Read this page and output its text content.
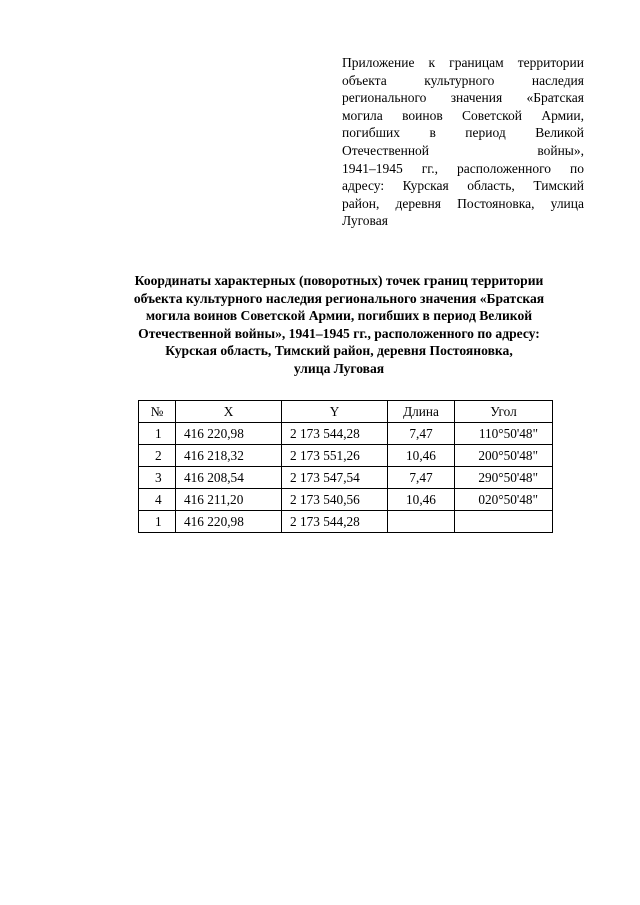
Приложение к границам территории
объекта культурного наследия
регионального значения «Братская
могила воинов Советской Армии,
погибших в период Великой
Отечественной войны»,
1941–1945 гг., расположенного по
адресу: Курская область, Тимский
район, деревня Постояновка, улица
Луговая
Координаты характерных (поворотных) точек границ территории
объекта культурного наследия регионального значения «Братская
могила воинов Советской Армии, погибших в период Великой
Отечественной войны», 1941–1945 гг., расположенного по адресу:
Курская область, Тимский район, деревня Постояновка,
улица Луговая
№	X	Y	Длина	Угол
1	416 220,98	2 173 544,28	7,47	110°50'48"
2	416 218,32	2 173 551,26	10,46	200°50'48"
3	416 208,54	2 173 547,54	7,47	290°50'48"
4	416 211,20	2 173 540,56	10,46	020°50'48"
1	416 220,98	2 173 544,28		
